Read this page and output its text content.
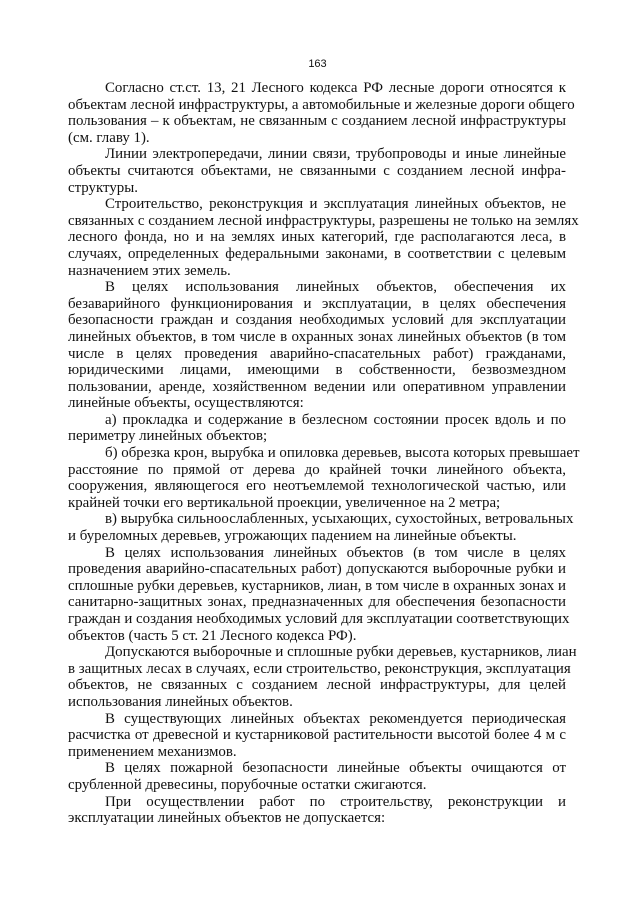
163

Согласно ст.ст. 13, 21 Лесного кодекса РФ лесные дороги относятся к
объектам лесной инфраструктуры, а автомобильные и железные дороги общего
пользования – к объектам, не связанным с созданием лесной инфраструктуры
(см. главу 1).

Линии электропередачи, линии связи, трубопроводы и иные линейные
объекты считаются объектами, не связанными с созданием лесной инфра-
структуры.

Строительство, реконструкция и эксплуатация линейных объектов, не
связанных с созданием лесной инфраструктуры, разрешены не только на землях
лесного фонда, но и на землях иных категорий, где располагаются леса, в
случаях, определенных федеральными законами, в соответствии с целевым
назначением этих земель.

В целях использования линейных объектов, обеспечения их
безаварийного функционирования и эксплуатации, в целях обеспечения
безопасности граждан и создания необходимых условий для эксплуатации
линейных объектов, в том числе в охранных зонах линейных объектов (в том
числе в целях проведения аварийно-спасательных работ) гражданами,
юридическими лицами, имеющими в собственности, безвозмездном
пользовании, аренде, хозяйственном ведении или оперативном управлении
линейные объекты, осуществляются:

а) прокладка и содержание в безлесном состоянии просек вдоль и по
периметру линейных объектов;

б) обрезка крон, вырубка и опиловка деревьев, высота которых превышает
расстояние по прямой от дерева до крайней точки линейного объекта,
сооружения, являющегося его неотъемлемой технологической частью, или
крайней точки его вертикальной проекции, увеличенное на 2 метра;

в) вырубка сильноослабленных, усыхающих, сухостойных, ветровальных
и буреломных деревьев, угрожающих падением на линейные объекты.

В целях использования линейных объектов (в том числе в целях
проведения аварийно-спасательных работ) допускаются выборочные рубки и
сплошные рубки деревьев, кустарников, лиан, в том числе в охранных зонах и
санитарно-защитных зонах, предназначенных для обеспечения безопасности
граждан и создания необходимых условий для эксплуатации соответствующих
объектов (часть 5 ст. 21 Лесного кодекса РФ).

Допускаются выборочные и сплошные рубки деревьев, кустарников, лиан
в защитных лесах в случаях, если строительство, реконструкция, эксплуатация
объектов, не связанных с созданием лесной инфраструктуры, для целей
использования линейных объектов.

В существующих линейных объектах рекомендуется периодическая
расчистка от древесной и кустарниковой растительности высотой более 4 м с
применением механизмов.

В целях пожарной безопасности линейные объекты очищаются от
срубленной древесины, порубочные остатки сжигаются.

При осуществлении работ по строительству, реконструкции и
эксплуатации линейных объектов не допускается:
